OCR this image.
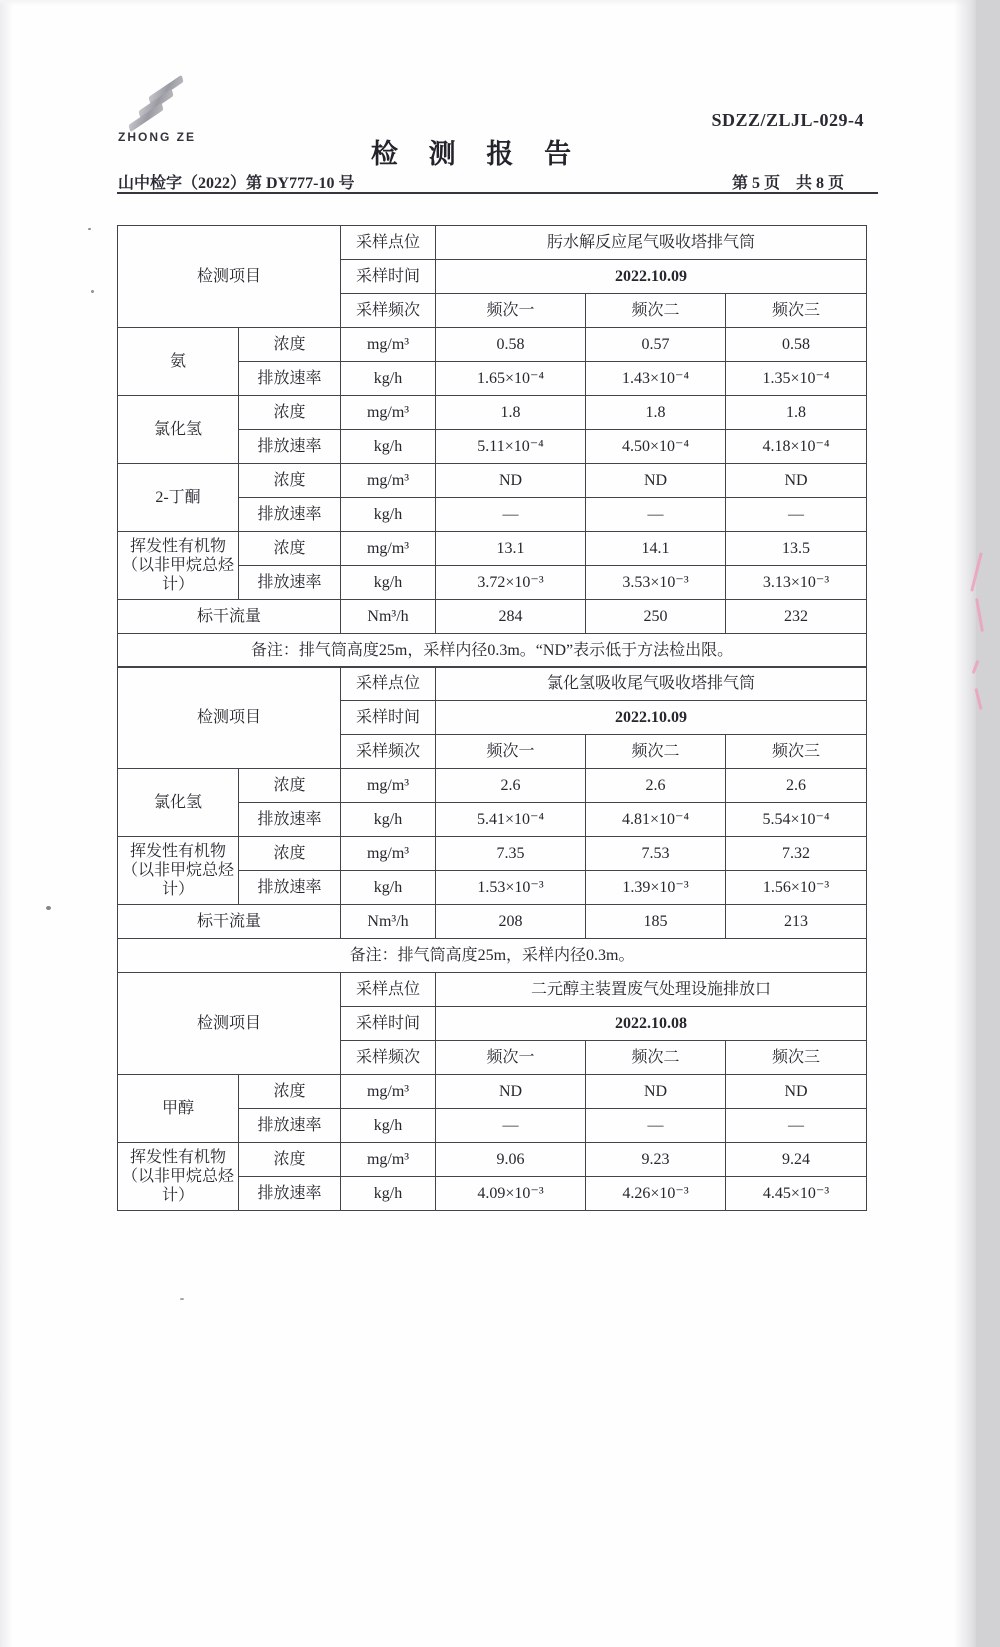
ZHONG ZE
SDZZ/ZLJL-029-4
检 测 报 告
山中检字（2022）第 DY777-10 号	第 5 页　共 8 页
检测项目		采样点位	肟水解反应尾气吸收塔排气筒		
		采样时间	2022.10.09		
		采样频次	频次一	频次二	频次三
氨	浓度	mg/m³	0.58	0.57	0.58
	排放速率	kg/h	1.65×10⁻⁴	1.43×10⁻⁴	1.35×10⁻⁴
氯化氢	浓度	mg/m³	1.8	1.8	1.8
	排放速率	kg/h	5.11×10⁻⁴	4.50×10⁻⁴	4.18×10⁻⁴
2-丁酮	浓度	mg/m³	ND	ND	ND
	排放速率	kg/h	—	—	—
挥发性有机物（以非甲烷总烃计）	浓度	mg/m³	13.1	14.1	13.5
	排放速率	kg/h	3.72×10⁻³	3.53×10⁻³	3.13×10⁻³
标干流量		Nm³/h	284	250	232
备注：排气筒高度25m，采样内径0.3m。“ND”表示低于方法检出限。					
检测项目		采样点位	氯化氢吸收尾气吸收塔排气筒		
		采样时间	2022.10.09		
		采样频次	频次一	频次二	频次三
氯化氢	浓度	mg/m³	2.6	2.6	2.6
	排放速率	kg/h	5.41×10⁻⁴	4.81×10⁻⁴	5.54×10⁻⁴
挥发性有机物（以非甲烷总烃计）	浓度	mg/m³	7.35	7.53	7.32
	排放速率	kg/h	1.53×10⁻³	1.39×10⁻³	1.56×10⁻³
标干流量		Nm³/h	208	185	213
备注：排气筒高度25m，采样内径0.3m。					
检测项目		采样点位	二元醇主装置废气处理设施排放口		
		采样时间	2022.10.08		
		采样频次	频次一	频次二	频次三
甲醇	浓度	mg/m³	ND	ND	ND
	排放速率	kg/h	—	—	—
挥发性有机物（以非甲烷总烃计）	浓度	mg/m³	9.06	9.23	9.24
	排放速率	kg/h	4.09×10⁻³	4.26×10⁻³	4.45×10⁻³
